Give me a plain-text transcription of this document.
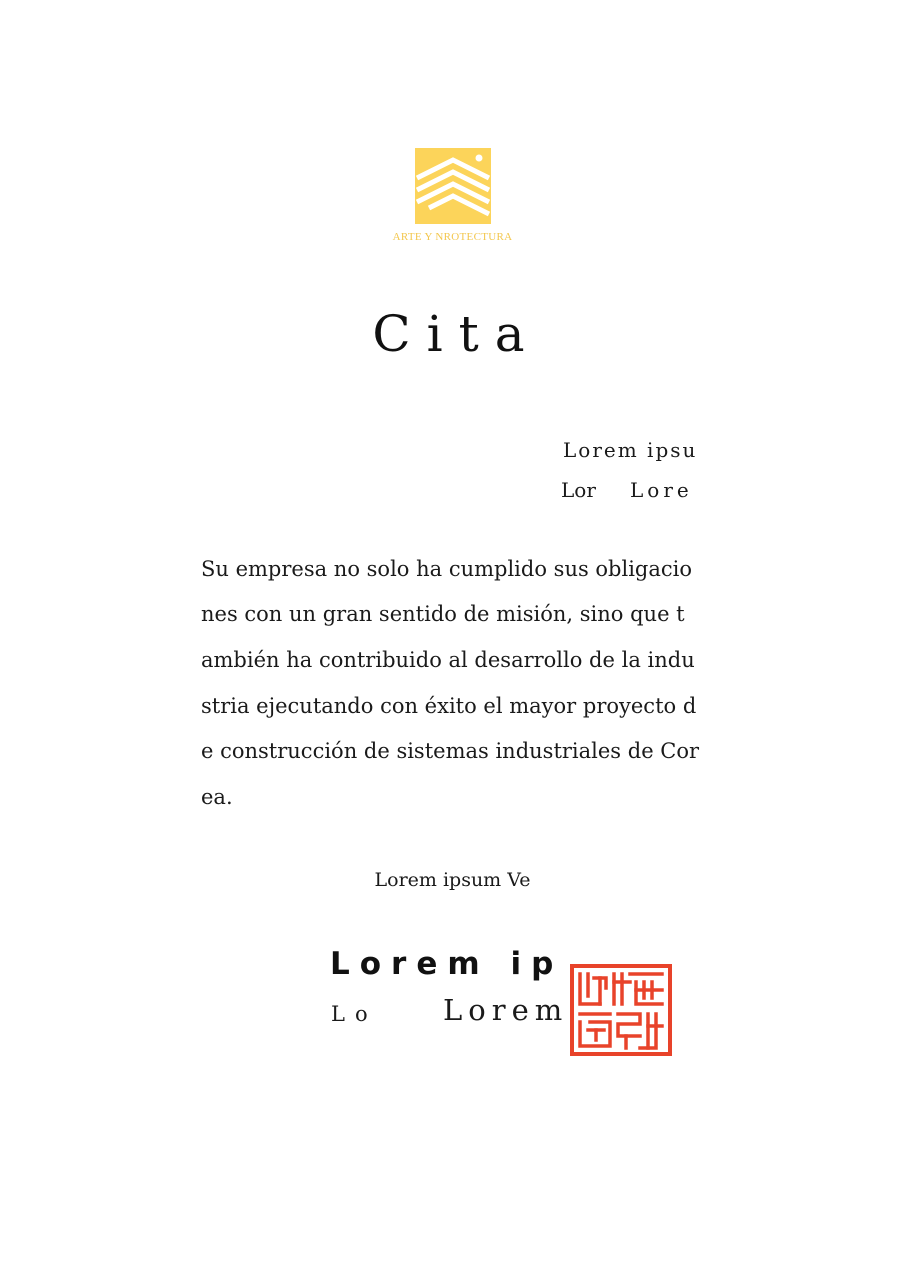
ARTE Y NROTECTURA
Cita
Lorem ipsu
Lor Lore
Su empresa no solo ha cumplido sus obligacio
nes con un gran sentido de misión, sino que t
ambién ha contribuido al desarrollo de la indu
stria ejecutando con éxito el mayor proyecto d
e construcción de sistemas industriales de Cor
ea.
Lorem ipsum Ve
Lorem ip
Lo Lorem
